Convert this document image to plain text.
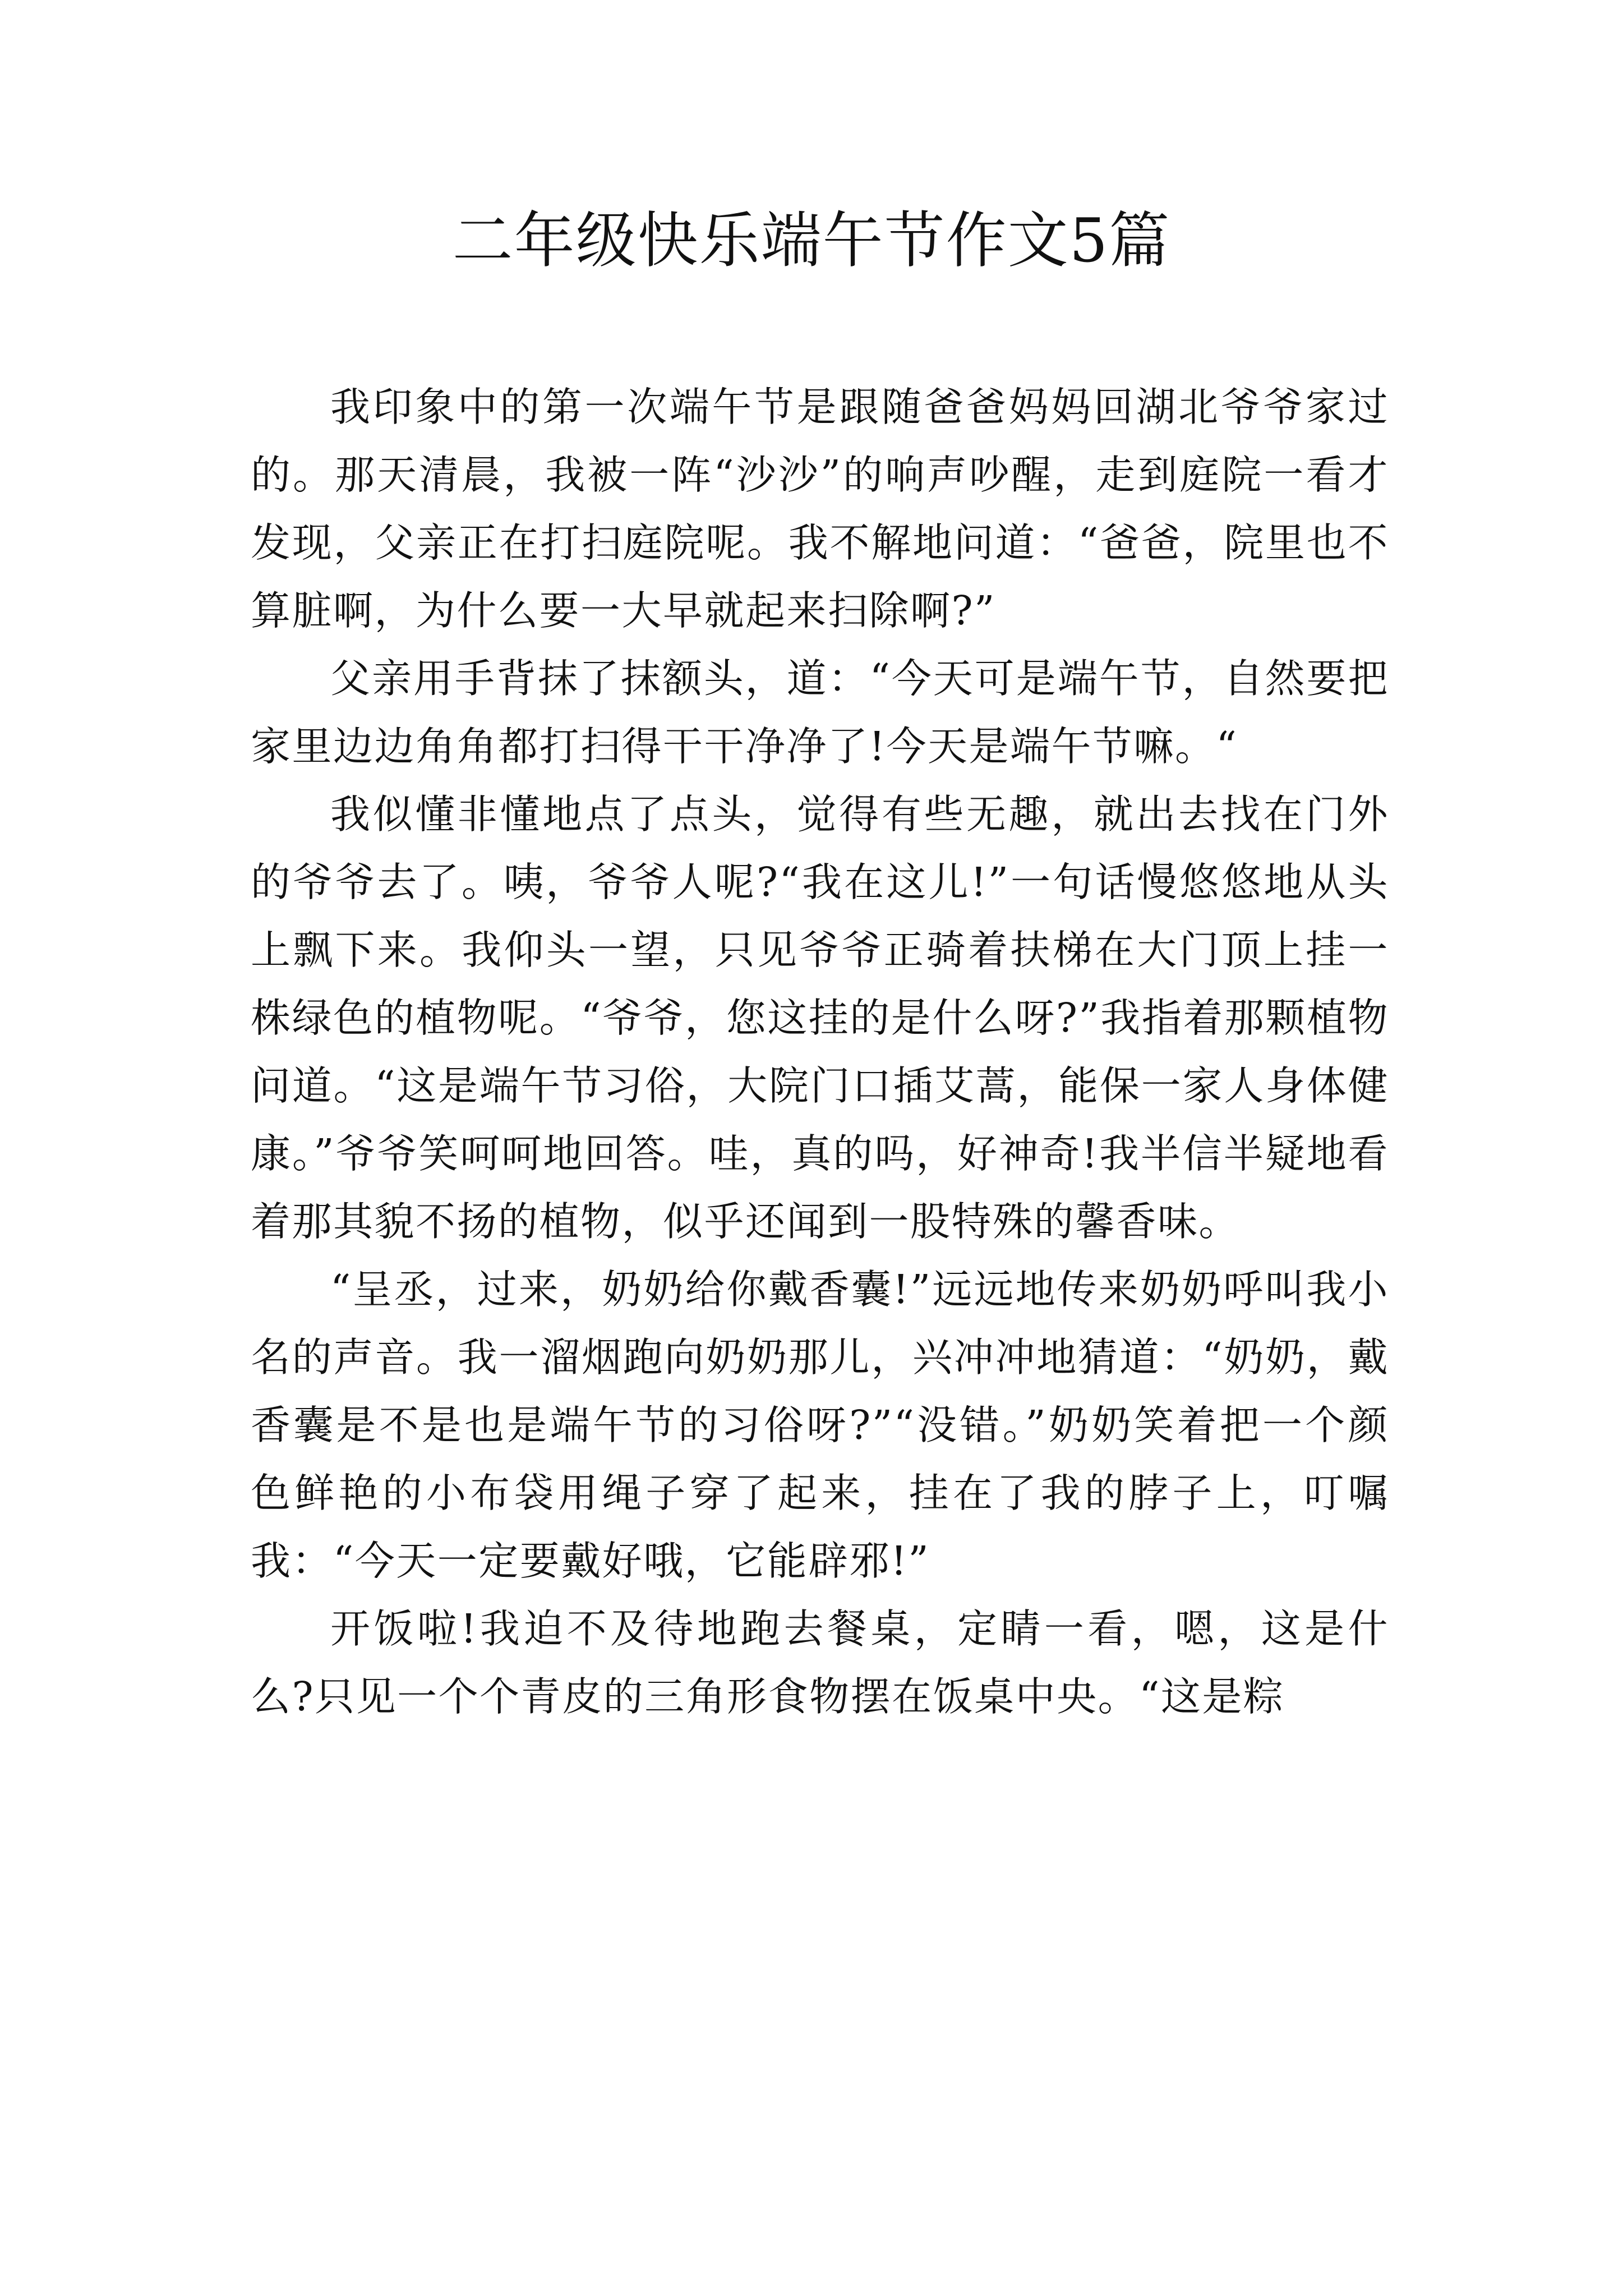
二年级快乐端午节作文5篇

我印象中的第一次端午节是跟随爸爸妈妈回湖北爷爷家过的。那天清晨，我被一阵“沙沙”的响声吵醒，走到庭院一看才发现，父亲正在打扫庭院呢。我不解地问道：“爸爸，院里也不算脏啊，为什么要一大早就起来扫除啊?”

父亲用手背抹了抹额头，道：“今天可是端午节，自然要把家里边边角角都打扫得干干净净了!今天是端午节嘛。“

我似懂非懂地点了点头，觉得有些无趣，就出去找在门外的爷爷去了。咦，爷爷人呢?“我在这儿!”一句话慢悠悠地从头上飘下来。我仰头一望，只见爷爷正骑着扶梯在大门顶上挂一株绿色的植物呢。“爷爷，您这挂的是什么呀?”我指着那颗植物问道。“这是端午节习俗，大院门口插艾蒿，能保一家人身体健康。”爷爷笑呵呵地回答。哇，真的吗，好神奇!我半信半疑地看着那其貌不扬的植物，似乎还闻到一股特殊的馨香味。

“呈丞，过来，奶奶给你戴香囊!”远远地传来奶奶呼叫我小名的声音。我一溜烟跑向奶奶那儿，兴冲冲地猜道：“奶奶，戴香囊是不是也是端午节的习俗呀?”“没错。”奶奶笑着把一个颜色鲜艳的小布袋用绳子穿了起来，挂在了我的脖子上，叮嘱我：“今天一定要戴好哦，它能辟邪!”

开饭啦!我迫不及待地跑去餐桌，定睛一看，嗯，这是什么?只见一个个青皮的三角形食物摆在饭桌中央。“这是粽
